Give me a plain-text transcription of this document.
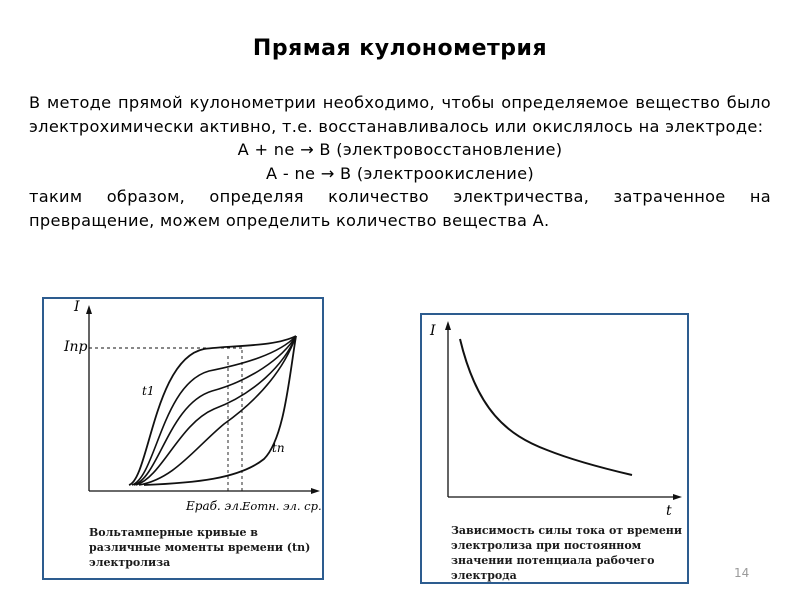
Прямая кулонометрия
В методе прямой кулонометрии необходимо, чтобы определяемое вещество было электрохимически активно, т.е. восстанавливалось или окислялось на электроде:
A + ne → B (электровосстановление)
A - ne → B (электроокисление)
таким образом, определяя количество электричества, затраченное на превращение, можем определить количество вещества А.
I
Iпр
t1
tn
Eраб. эл. Eотн. эл. ср.
Вольтамперные кривые в различные моменты времени (tn) электролиза
I
t
Зависимость силы тока от времени электролиза при постоянном значении потенциала рабочего электрода	14
